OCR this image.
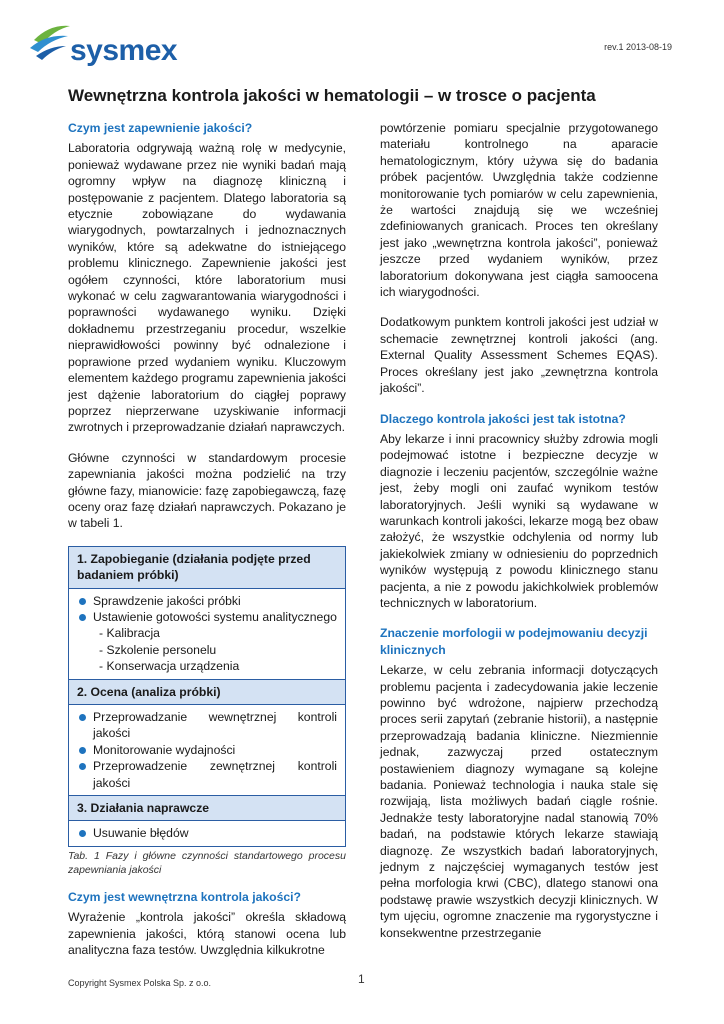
sysmex	rev.1 2013-08-19
Wewnętrzna kontrola jakości w hematologii – w trosce o pacjenta
Czym jest zapewnienie jakości?

Laboratoria odgrywają ważną rolę w medycynie, ponieważ wydawane przez nie wyniki badań mają ogromny wpływ na diagnozę kliniczną i postępowanie z pacjentem. Dlatego laboratoria są etycznie zobowiązane do wydawania wiarygodnych, powtarzalnych i jednoznacznych wyników, które są adekwatne do istniejącego problemu klinicznego. Zapewnienie jakości jest ogółem czynności, które laboratorium musi wykonać w celu zagwarantowania wiarygodności i poprawności wydawanego wyniku. Dzięki dokładnemu przestrzeganiu procedur, wszelkie nieprawidłowości powinny być odnalezione i poprawione przed wydaniem wyniku. Kluczowym elementem każdego programu zapewnienia jakości jest dążenie laboratorium do ciągłej poprawy poprzez nieprzerwane uzyskiwanie informacji zwrotnych i przeprowadzanie działań naprawczych.

Główne czynności w standardowym procesie zapewniania jakości można podzielić na trzy główne fazy, mianowicie: fazę zapobiegawczą, fazę oceny oraz fazę działań naprawczych. Pokazano je w tabeli 1.

1. Zapobieganie (działania podjęte przed badaniem próbki)
Sprawdzenie jakości próbki
Ustawienie gotowości systemu analitycznego
- Kalibracja
- Szkolenie personelu
- Konserwacja urządzenia
2. Ocena (analiza próbki)
Przeprowadzanie wewnętrznej kontroli jakości
Monitorowanie wydajności
Przeprowadzenie zewnętrznej kontroli jakości
3. Działania naprawcze
Usuwanie błędów
Tab. 1 Fazy i główne czynności standartowego procesu zapewniania jakości
Czym jest wewnętrzna kontrola jakości?

Wyrażenie „kontrola jakości” określa składową zapewnienia jakości, którą stanowi ocena lub analityczna faza testów. Uwzględnia kilkukrotne

powtórzenie pomiaru specjalnie przygotowanego materiału kontrolnego na aparacie hematologicznym, który używa się do badania próbek pacjentów. Uwzględnia także codzienne monitorowanie tych pomiarów w celu zapewnienia, że wartości znajdują się we wcześniej zdefiniowanych granicach. Proces ten określany jest jako „wewnętrzna kontrola jakości”, ponieważ jeszcze przed wydaniem wyników, przez laboratorium dokonywana jest ciągła samoocena ich wiarygodności.

Dodatkowym punktem kontroli jakości jest udział w schemacie zewnętrznej kontroli jakości (ang. External Quality Assessment Schemes EQAS). Proces określany jest jako „zewnętrzna kontrola jakości”.

Dlaczego kontrola jakości jest tak istotna?

Aby lekarze i inni pracownicy służby zdrowia mogli podejmować istotne i bezpieczne decyzje w diagnozie i leczeniu pacjentów, szczególnie ważne jest, żeby mogli oni zaufać wynikom testów laboratoryjnych. Jeśli wyniki są wydawane w warunkach kontroli jakości, lekarze mogą bez obaw założyć, że wszystkie odchylenia od normy lub jakiekolwiek zmiany w odniesieniu do poprzednich wyników występują z powodu klinicznego stanu pacjenta, a nie z powodu jakichkolwiek problemów technicznych w laboratorium.

Znaczenie morfologii w podejmowaniu decyzji klinicznych

Lekarze, w celu zebrania informacji dotyczących problemu pacjenta i zadecydowania jakie leczenie powinno być wdrożone, najpierw przechodzą proces serii zapytań (zebranie historii), a następnie przeprowadzają badania kliniczne. Niezmiennie jednak, zazwyczaj przed ostatecznym postawieniem diagnozy wymagane są kolejne badania. Ponieważ technologia i nauka stale się rozwijają, lista możliwych badań ciągle rośnie. Jednakże testy laboratoryjne nadal stanowią 70% badań, na podstawie których lekarze stawiają diagnozę. Ze wszystkich badań laboratoryjnych, jednym z najczęściej wymaganych testów jest pełna morfologia krwi (CBC), dlatego stanowi ona podstawę prawie wszystkich decyzji klinicznych. W tym ujęciu, ogromne znaczenie ma rygorystyczne i konsekwentne przestrzeganie

Copyright Sysmex Polska Sp. z o.o.	1
